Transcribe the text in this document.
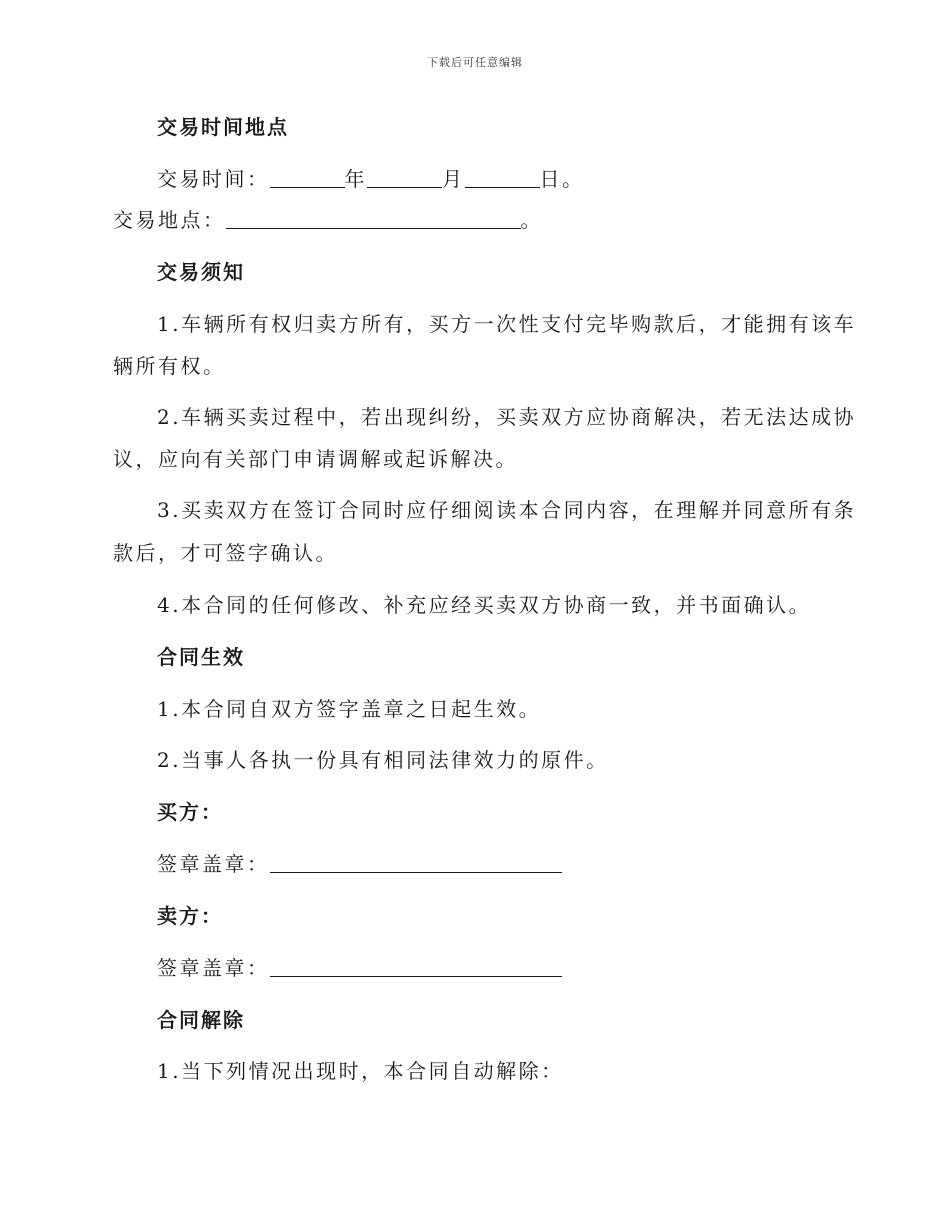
下载后可任意编辑
交易时间地点
交易时间：	年	月	日。
交易地点：	。
交易须知
1.车辆所有权归卖方所有，买方一次性支付完毕购款后，才能拥有该车
辆所有权。
2.车辆买卖过程中，若出现纠纷，买卖双方应协商解决，若无法达成协
议，应向有关部门申请调解或起诉解决。
3.买卖双方在签订合同时应仔细阅读本合同内容，在理解并同意所有条
款后，才可签字确认。
4.本合同的任何修改、补充应经买卖双方协商一致，并书面确认。
合同生效
1.本合同自双方签字盖章之日起生效。
2.当事人各执一份具有相同法律效力的原件。
买方：
签章盖章：
卖方：
签章盖章：
合同解除
1.当下列情况出现时，本合同自动解除：
